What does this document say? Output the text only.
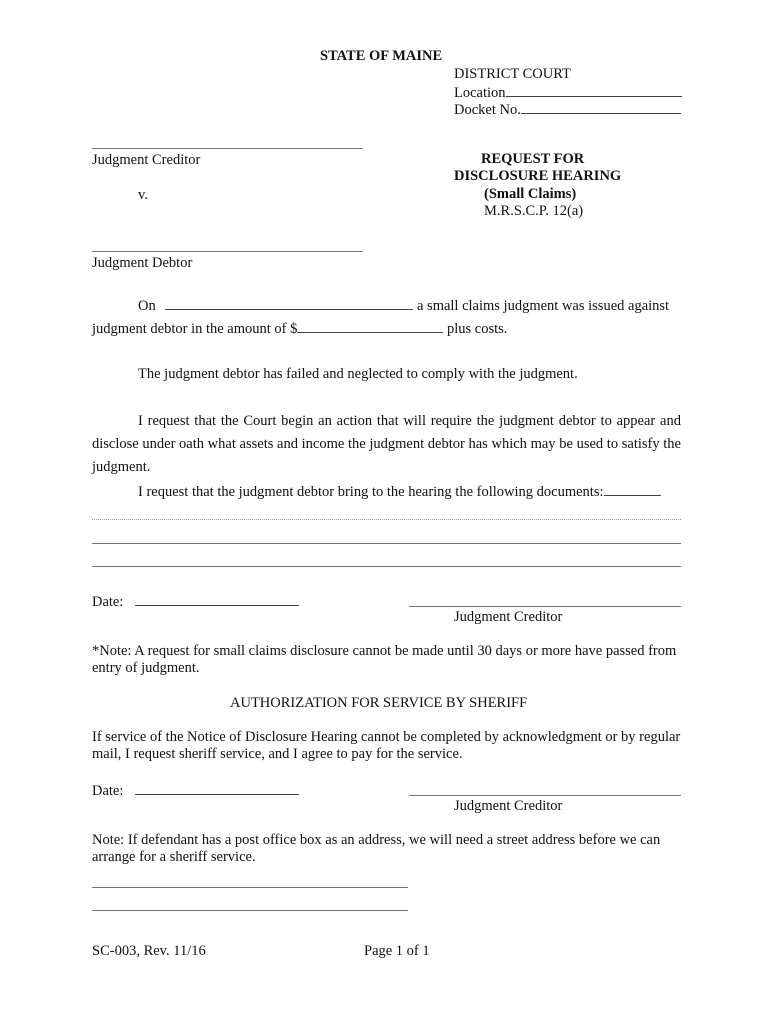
STATE OF MAINE
DISTRICT COURT
Location
Docket No.
Judgment Creditor
v.
Judgment Debtor
REQUEST FOR
DISCLOSURE HEARING
(Small Claims)
M.R.S.C.P. 12(a)
On	a small claims judgment was issued against
judgment debtor in the amount of $	plus costs.
The judgment debtor has failed and neglected to comply with the judgment.
I request that the Court begin an action that will require the judgment debtor to appear and disclose under oath what assets and income the judgment debtor has which may be used to satisfy the judgment.
I request that the judgment debtor bring to the hearing the following documents:
Date:
Judgment Creditor
*Note: A request for small claims disclosure cannot be made until 30 days or more have passed from entry of judgment.
AUTHORIZATION FOR SERVICE BY SHERIFF
If service of the Notice of Disclosure Hearing cannot be completed by acknowledgment or by regular mail, I request sheriff service, and I agree to pay for the service.
Date:
Judgment Creditor
Note: If defendant has a post office box as an address, we will need a street address before we can arrange for a sheriff service.
SC-003, Rev. 11/16	Page 1 of 1
